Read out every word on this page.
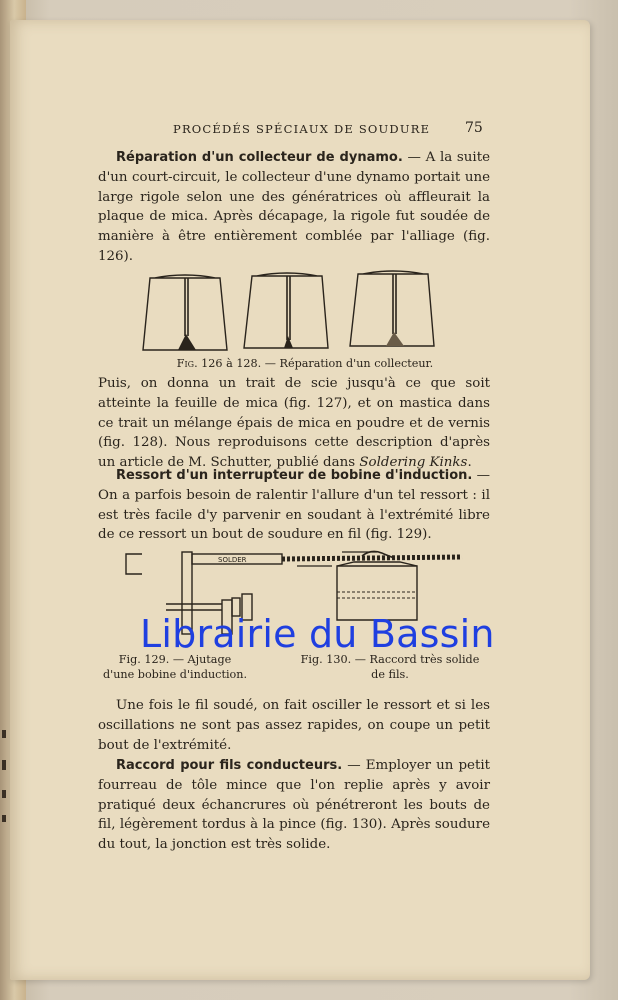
PROCÉDÉS SPÉCIAUX DE SOUDURE 75

Réparation d'un collecteur de dynamo. — A la suite d'un court-circuit, le collecteur d'une dynamo portait une large rigole selon une des génératrices où affleurait la plaque de mica. Après décapage, la rigole fut soudée de manière à être entièrement comblée par l'alliage (fig. 126).

Fig. 126 à 128. — Réparation d'un collecteur.

Puis, on donna un trait de scie jusqu'à ce que soit atteinte la feuille de mica (fig. 127), et on mastica dans ce trait un mélange épais de mica en poudre et de vernis (fig. 128). Nous reproduisons cette description d'après un article de M. Schutter, publié dans Soldering Kinks.

Ressort d'un interrupteur de bobine d'induction. — On a parfois besoin de ralentir l'allure d'un tel ressort : il est très facile d'y parvenir en soudant à l'extrémité libre de ce ressort un bout de soudure en fil (fig. 129).

SOLDER
Fig. 129. — Ajutage
d'une bobine d'induction.
Fig. 130. — Raccord très solide
de fils.

Une fois le fil soudé, on fait osciller le ressort et si les oscillations ne sont pas assez rapides, on coupe un petit bout de l'extrémité.

Raccord pour fils conducteurs. — Employer un petit fourreau de tôle mince que l'on replie après y avoir pratiqué deux échancrures où pénétreront les bouts de fil, légèrement tordus à la pince (fig. 130). Après soudure du tout, la jonction est très solide.

Librairie du Bassin
